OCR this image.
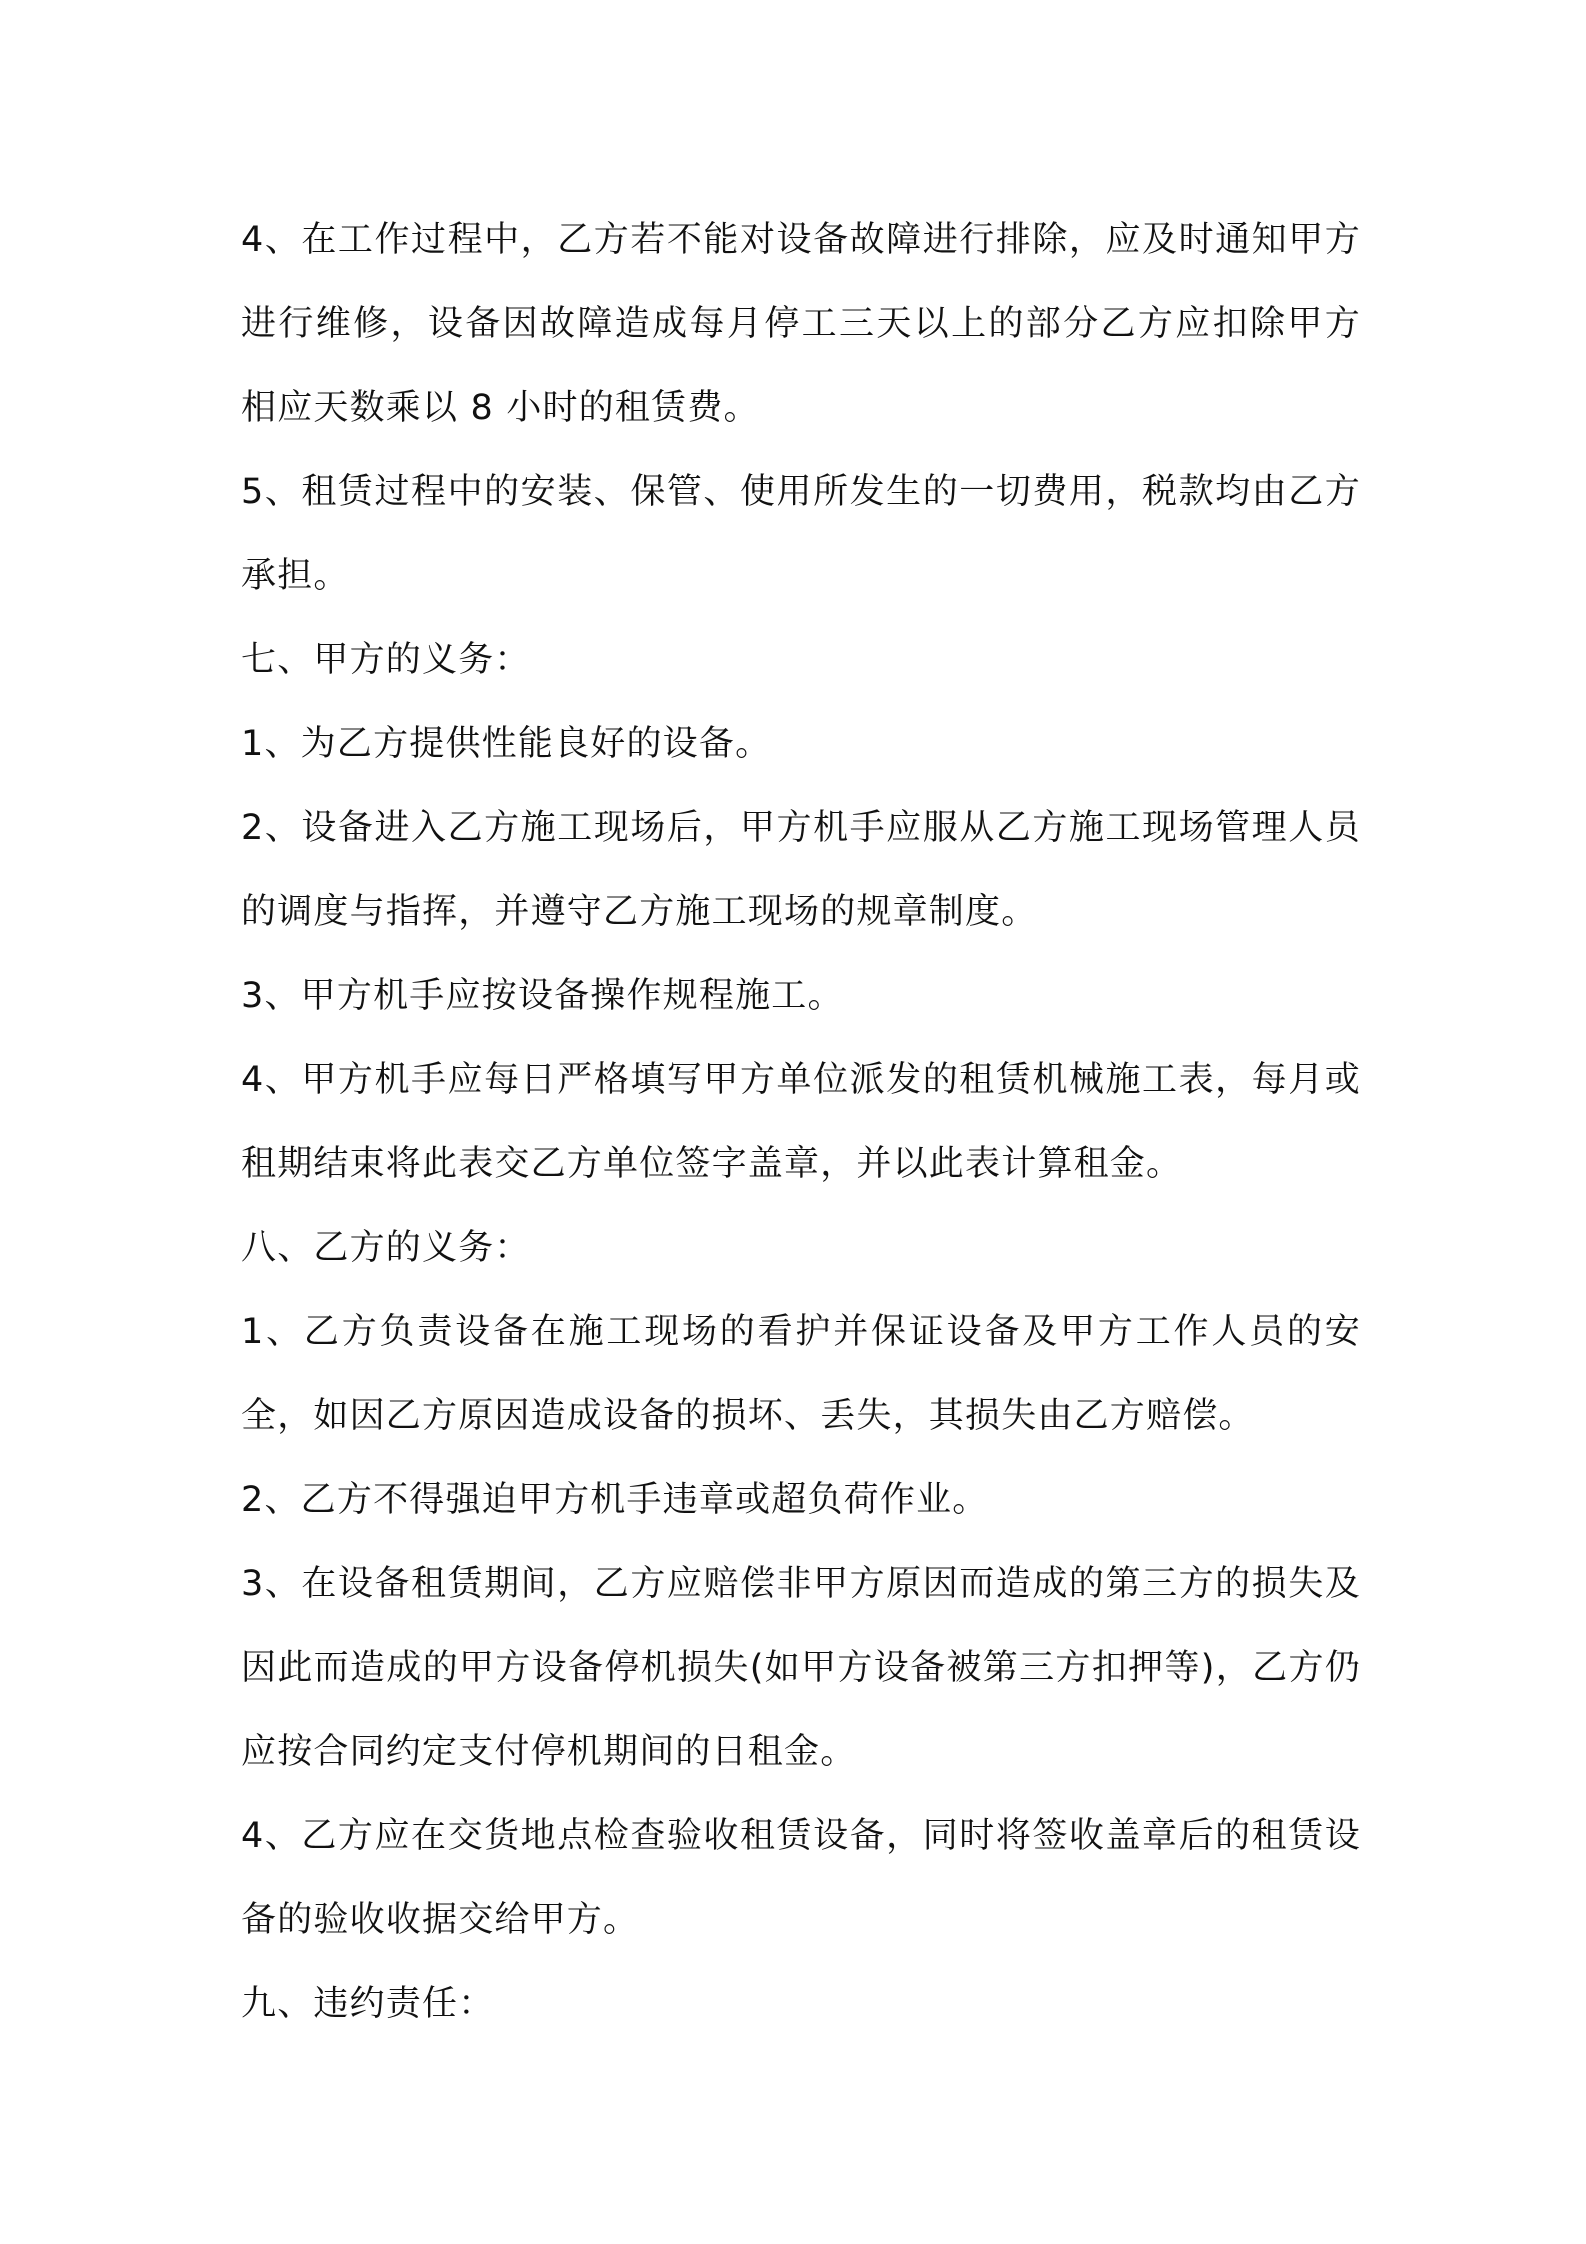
4、在工作过程中，乙方若不能对设备故障进行排除，应及时通知甲方进行维修，设备因故障造成每月停工三天以上的部分乙方应扣除甲方相应天数乘以 8 小时的租赁费。

5、租赁过程中的安装、保管、使用所发生的一切费用，税款均由乙方承担。

七、甲方的义务：

1、为乙方提供性能良好的设备。

2、设备进入乙方施工现场后，甲方机手应服从乙方施工现场管理人员的调度与指挥，并遵守乙方施工现场的规章制度。

3、甲方机手应按设备操作规程施工。

4、甲方机手应每日严格填写甲方单位派发的租赁机械施工表，每月或租期结束将此表交乙方单位签字盖章，并以此表计算租金。

八、乙方的义务：

1、乙方负责设备在施工现场的看护并保证设备及甲方工作人员的安全，如因乙方原因造成设备的损坏、丢失，其损失由乙方赔偿。

2、乙方不得强迫甲方机手违章或超负荷作业。

3、在设备租赁期间，乙方应赔偿非甲方原因而造成的第三方的损失及因此而造成的甲方设备停机损失(如甲方设备被第三方扣押等)，乙方仍应按合同约定支付停机期间的日租金。

4、乙方应在交货地点检查验收租赁设备，同时将签收盖章后的租赁设备的验收收据交给甲方。

九、违约责任：
